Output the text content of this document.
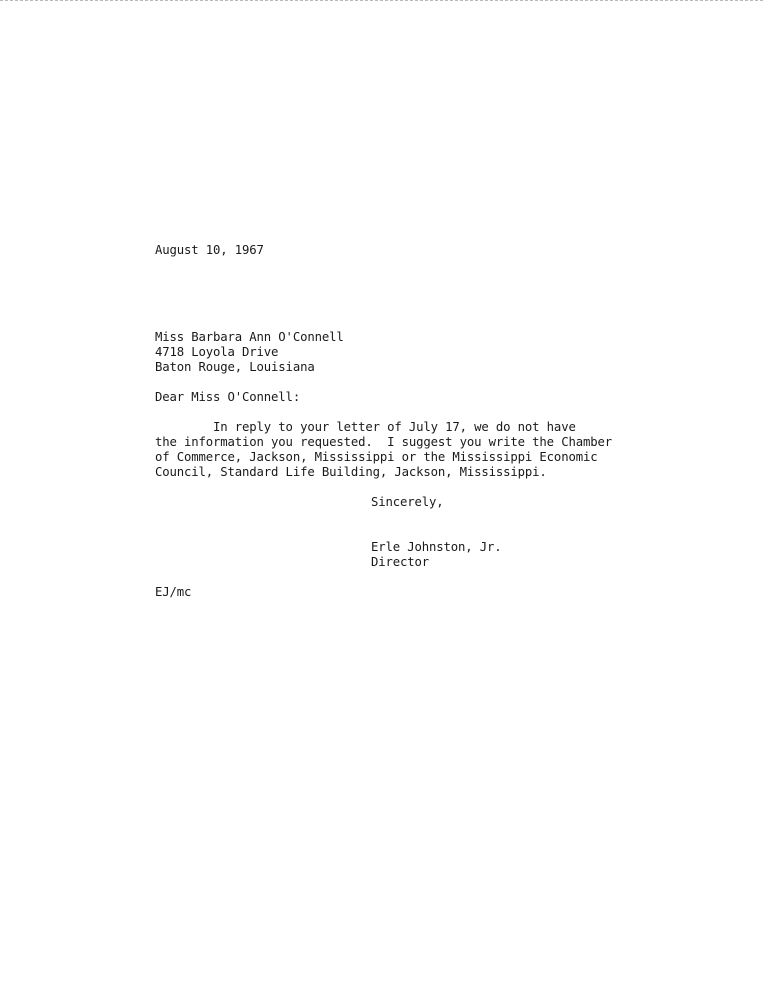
August 10, 1967
Miss Barbara Ann O'Connell
4718 Loyola Drive
Baton Rouge, Louisiana
Dear Miss O'Connell:
In reply to your letter of July 17, we do not have
the information you requested.  I suggest you write the Chamber
of Commerce, Jackson, Mississippi or the Mississippi Economic
Council, Standard Life Building, Jackson, Mississippi.
Sincerely,
Erle Johnston, Jr.
Director
EJ/mc
